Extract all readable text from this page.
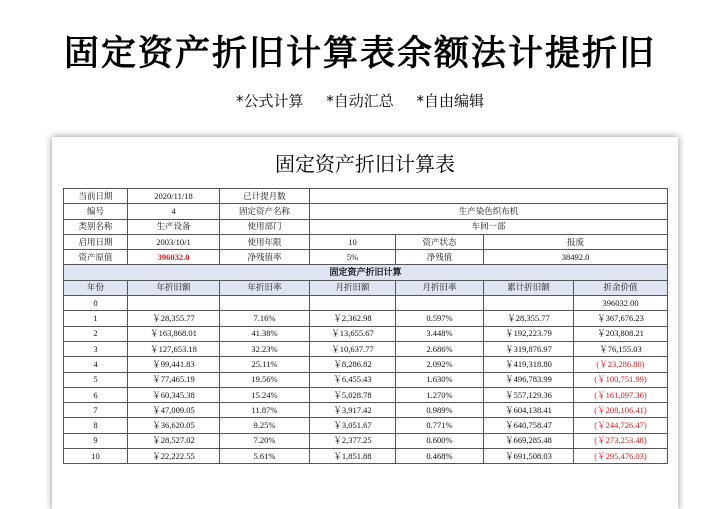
固定资产折旧计算表余额法计提折旧
*公式计算 *自动汇总 *自由编辑
固定资产折旧计算表
当前日期	2020/11/18	已计提月数				
编号	4	固定资产名称	生产染色织布机			
类别名称	生产设备	使用部门	车间一部			
启用日期	2003/10/1	使用年限	10	资产状态	报废	
资产原值	396032.0	净残值率	5%	净残值	38492.0	
固定资产折旧计算						
年份	年折旧额	年折旧率	月折旧额	月折旧率	累计折旧额	折余价值
0						396032.00
1	￥28,355.77	7.16%	￥2,362.98	0.597%	￥28,355.77	￥367,676.23
2	￥163,868.01	41.38%	￥13,655.67	3.448%	￥192,223.79	￥203,808.21
3	￥127,653.18	32.23%	￥10,637.77	2.686%	￥319,876.97	￥76,155.03
4	￥99,441.83	25.11%	￥8,286.82	2.092%	￥419,318.80	(￥23,286.80)
5	￥77,465.19	19.56%	￥6,455.43	1.630%	￥496,783.99	(￥100,751.99)
6	￥60,345.38	15.24%	￥5,028.78	1.270%	￥557,129.36	(￥161,097.36)
7	￥47,009.05	11.87%	￥3,917.42	0.989%	￥604,138.41	(￥208,106.41)
8	￥36,620.05	9.25%	￥3,051.67	0.771%	￥640,758.47	(￥244,726.47)
9	￥28,527.02	7.20%	￥2,377.25	0.600%	￥669,285.48	(￥273,253.48)
10	￥22,222.55	5.61%	￥1,851.88	0.468%	￥691,508.03	(￥295,476.03)
